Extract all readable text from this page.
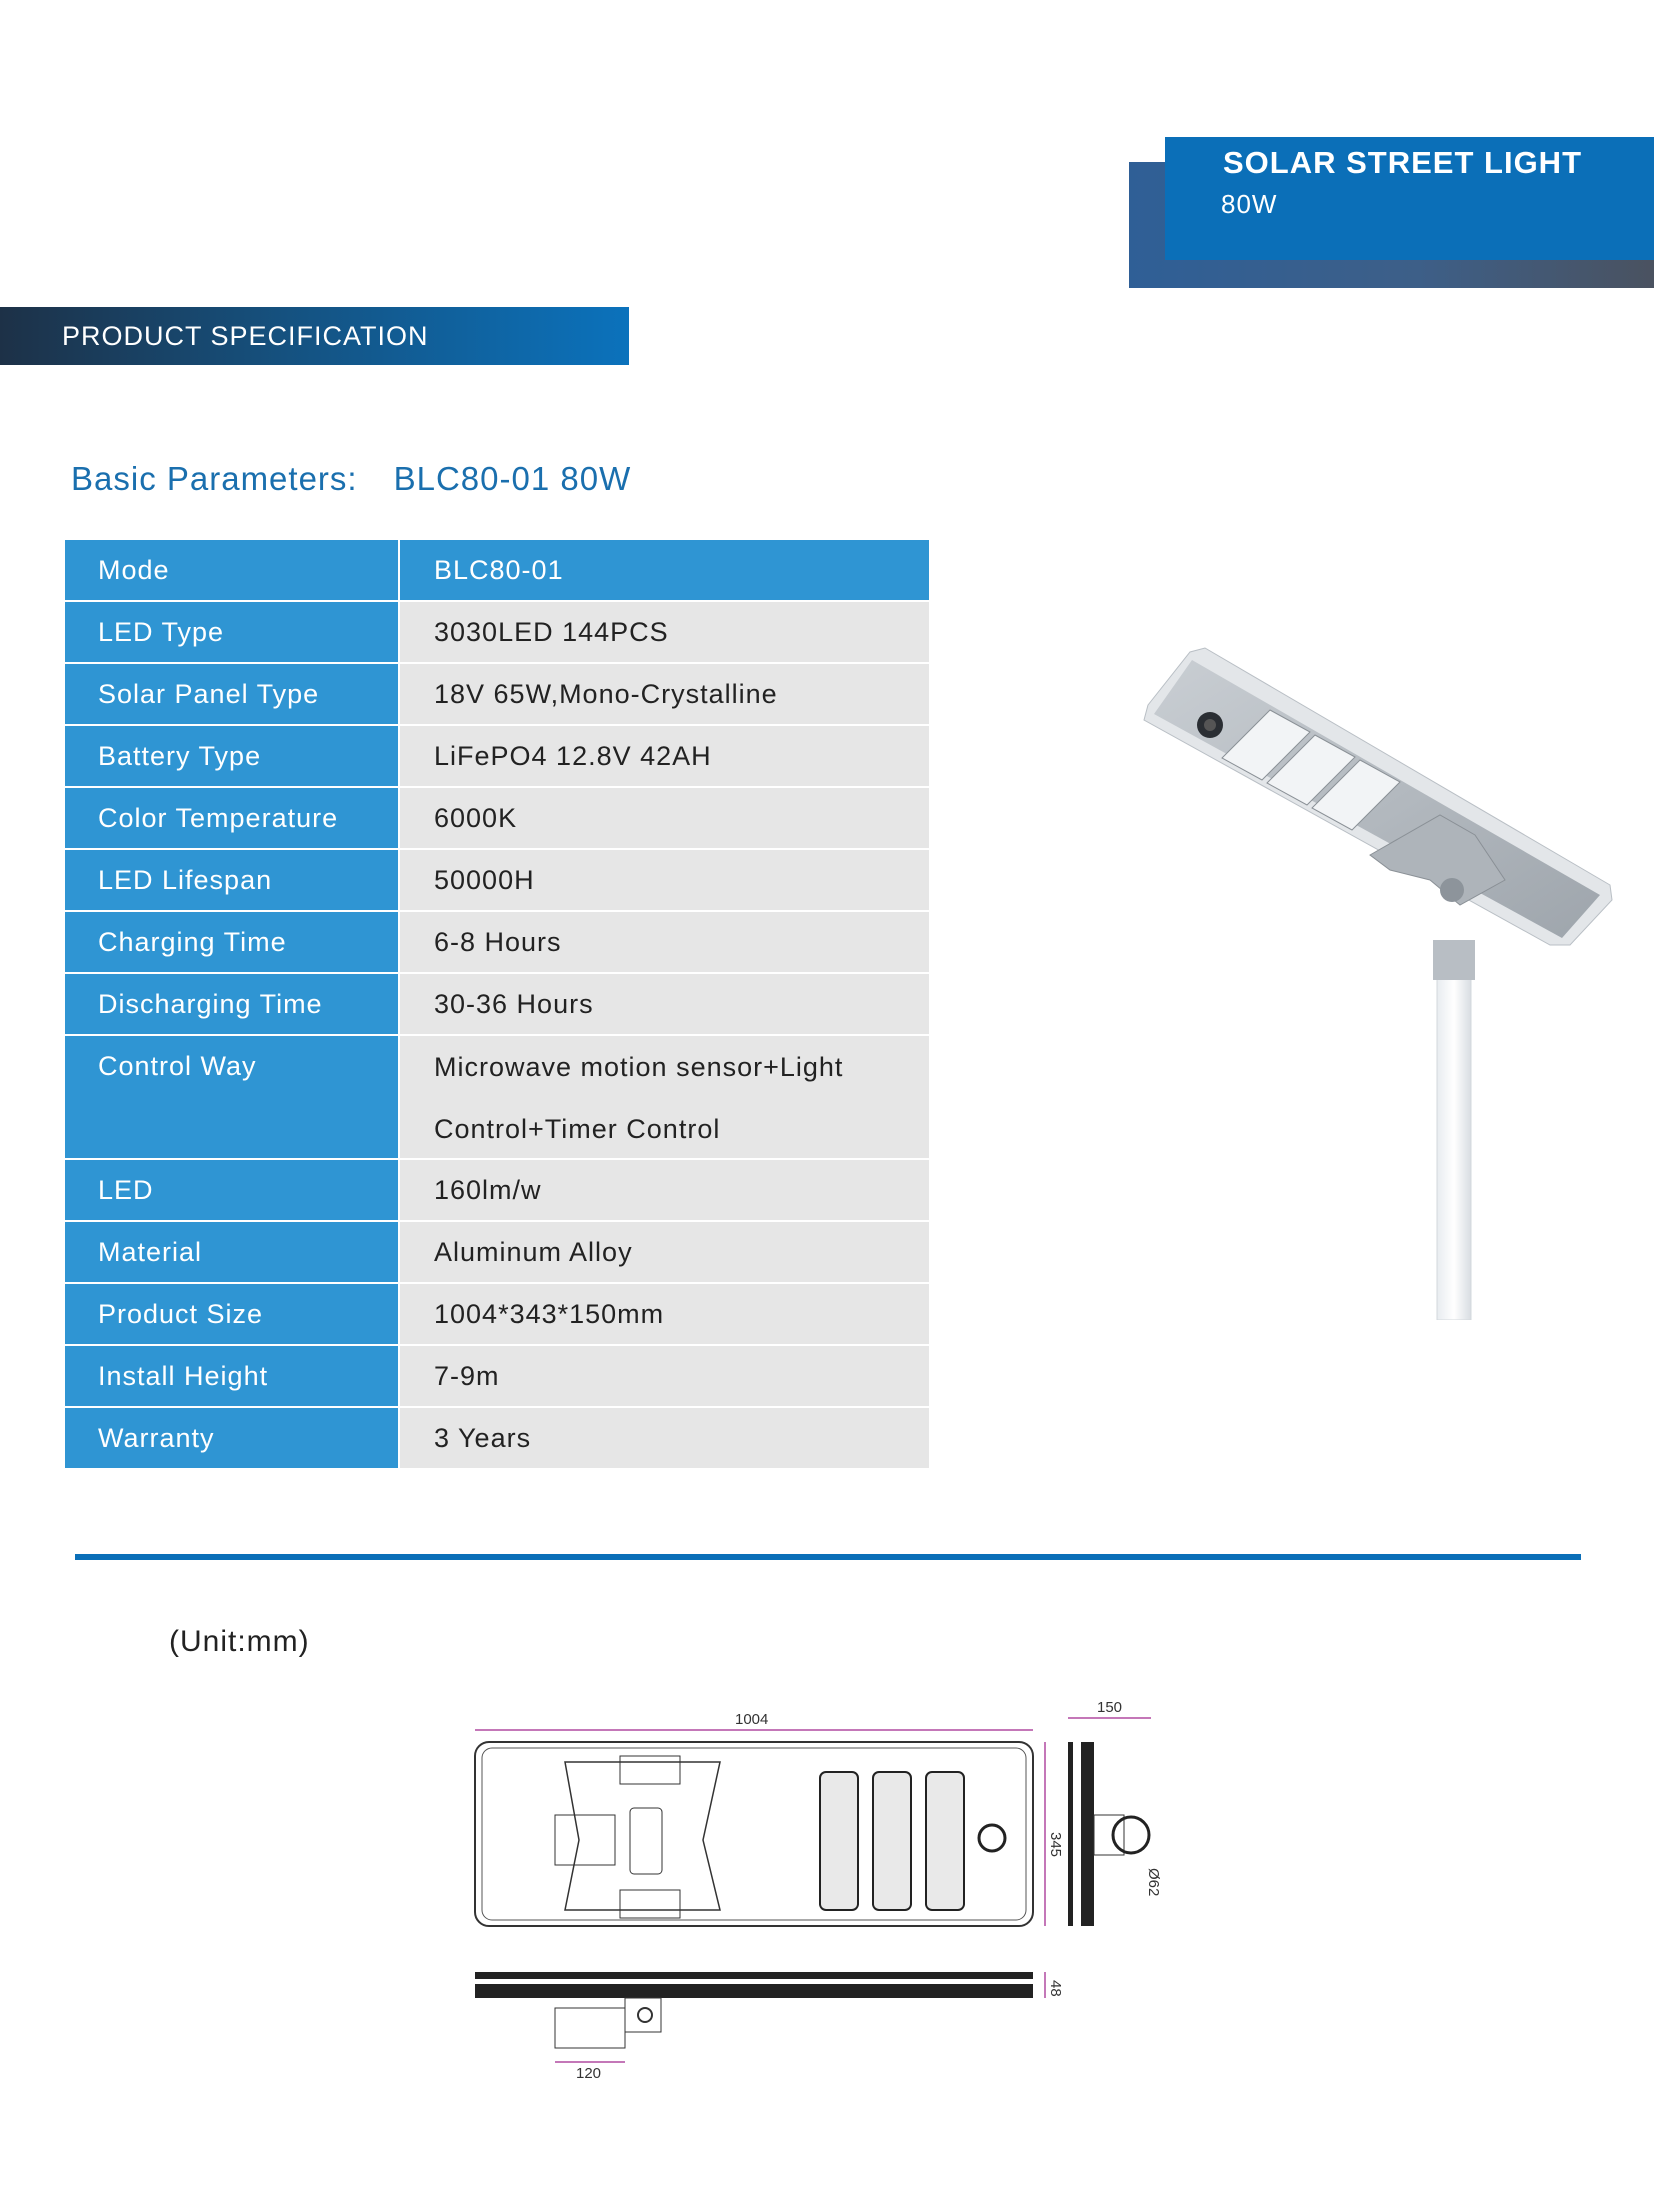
SOLAR STREET LIGHT
80W
PRODUCT SPECIFICATION
Basic Parameters: BLC80-01 80W
Mode	BLC80-01
LED Type	3030LED 144PCS
Solar Panel Type	18V 65W,Mono-Crystalline
Battery Type	LiFePO4 12.8V 42AH
Color Temperature	6000K
LED Lifespan	50000H
Charging Time	6-8 Hours
Discharging Time	30-36 Hours
Control Way	Microwave motion sensor+Light
Control+Timer Control
LED	160lm/w
Material	Aluminum Alloy
Product Size	1004*343*150mm
Install Height	7-9m
Warranty	3 Years
(Unit:mm)
1004
345
150
Ø62
48
120
